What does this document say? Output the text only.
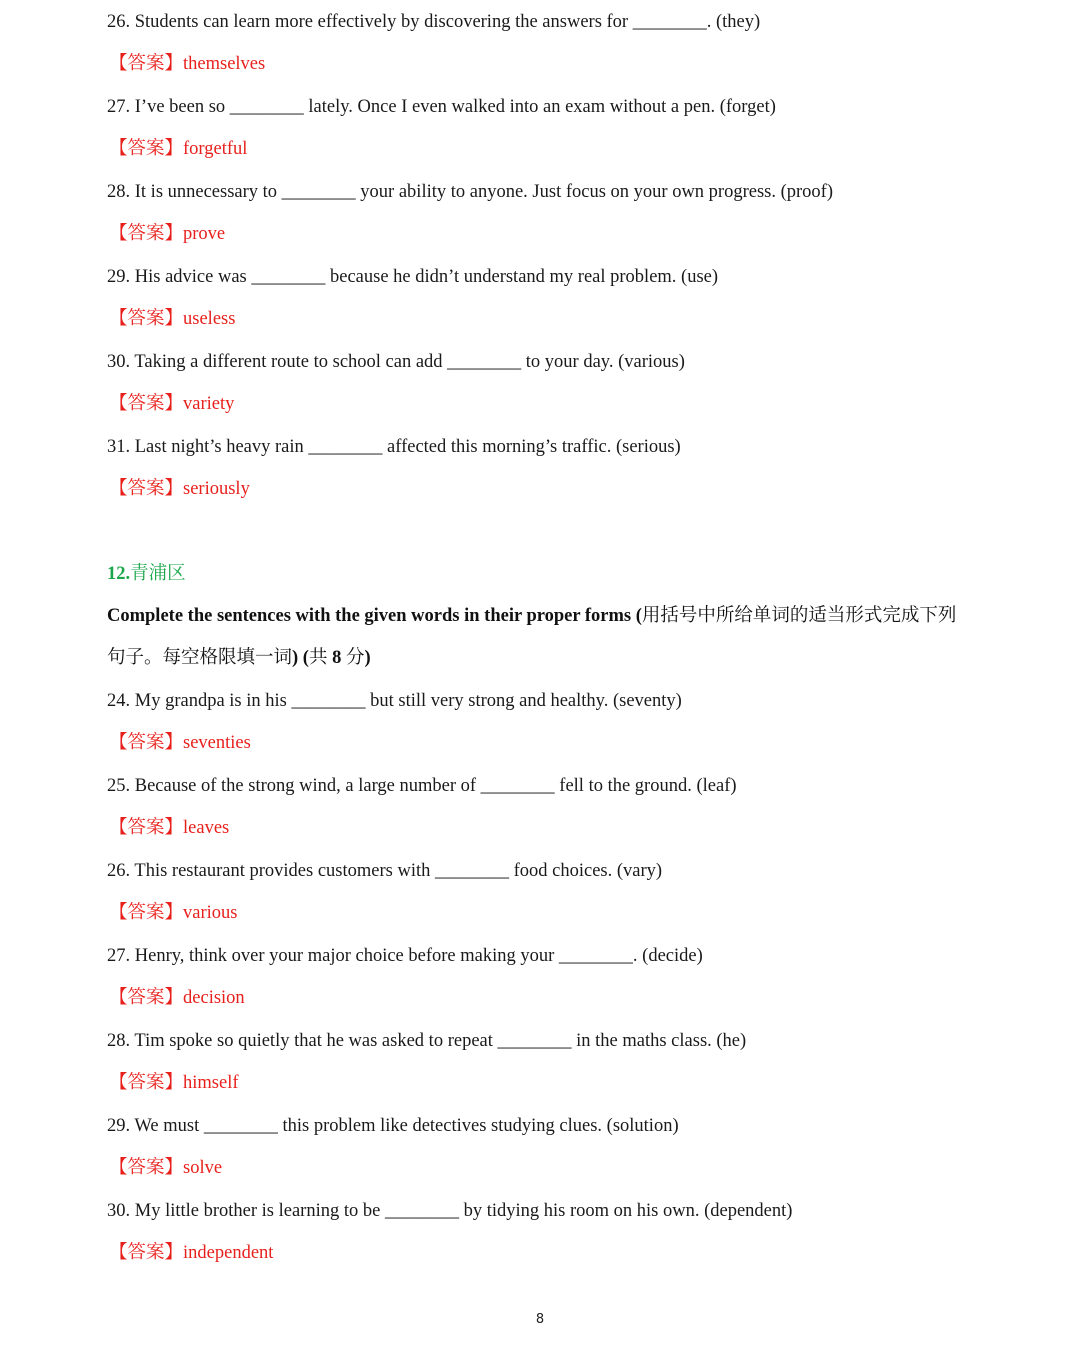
26. Students can learn more effectively by discovering the answers for ________. (they)
【答案】themselves
27. I’ve been so ________ lately. Once I even walked into an exam without a pen. (forget)
【答案】forgetful
28. It is unnecessary to ________ your ability to anyone. Just focus on your own progress. (proof)
【答案】prove
29. His advice was ________ because he didn’t understand my real problem. (use)
【答案】useless
30. Taking a different route to school can add ________ to your day. (various)
【答案】variety
31. Last night’s heavy rain ________ affected this morning’s traffic. (serious)
【答案】seriously
12.青浦区
Complete the sentences with the given words in their proper forms (用括号中所给单词的适当形式完成下列
句子。每空格限填一词) (共 8 分)
24. My grandpa is in his ________ but still very strong and healthy. (seventy)
【答案】seventies
25. Because of the strong wind, a large number of ________ fell to the ground. (leaf)
【答案】leaves
26. This restaurant provides customers with ________ food choices. (vary)
【答案】various
27. Henry, think over your major choice before making your ________. (decide)
【答案】decision
28. Tim spoke so quietly that he was asked to repeat ________ in the maths class. (he)
【答案】himself
29. We must ________ this problem like detectives studying clues. (solution)
【答案】solve
30. My little brother is learning to be ________ by tidying his room on his own. (dependent)
【答案】independent
8
